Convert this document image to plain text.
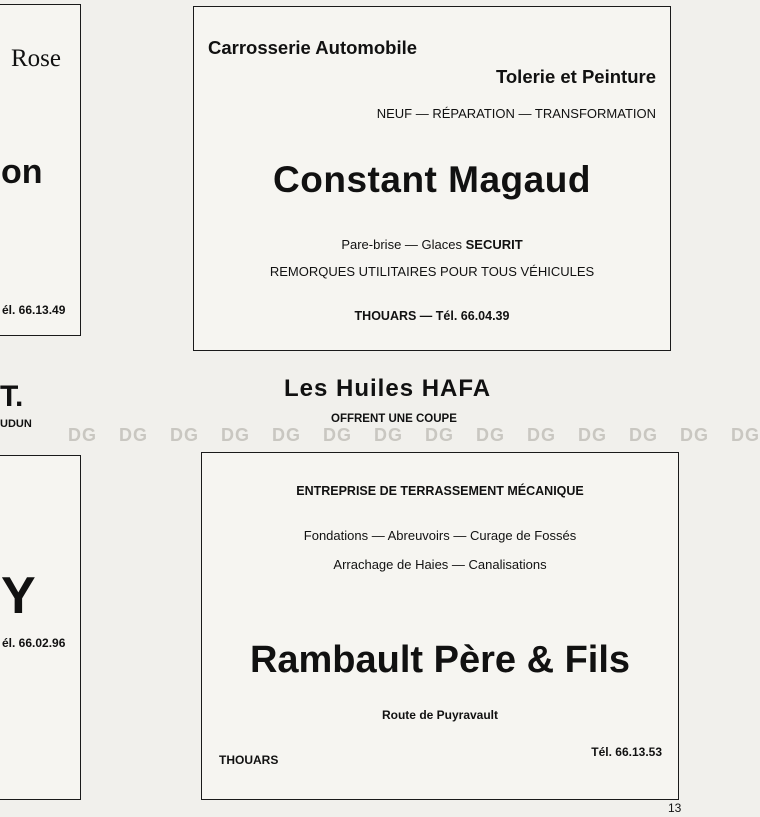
Rose
on
él. 66.13.49
T.
UDUN
Y
él. 66.02.96
Carrosserie Automobile
Tolerie et Peinture
NEUF — RÉPARATION — TRANSFORMATION
Constant Magaud
Pare-brise — Glaces SECURIT
REMORQUES UTILITAIRES POUR TOUS VÉHICULES
THOUARS — Tél. 66.04.39
Les Huiles HAFA
OFFRENT UNE COUPE
DG DG DG DG DG DG DG DG DG DG DG DG DG DG
ENTREPRISE DE TERRASSEMENT MÉCANIQUE
Fondations — Abreuvoirs — Curage de Fossés
Arrachage de Haies — Canalisations
Rambault Père & Fils
Route de Puyravault
THOUARS
Tél. 66.13.53
13
